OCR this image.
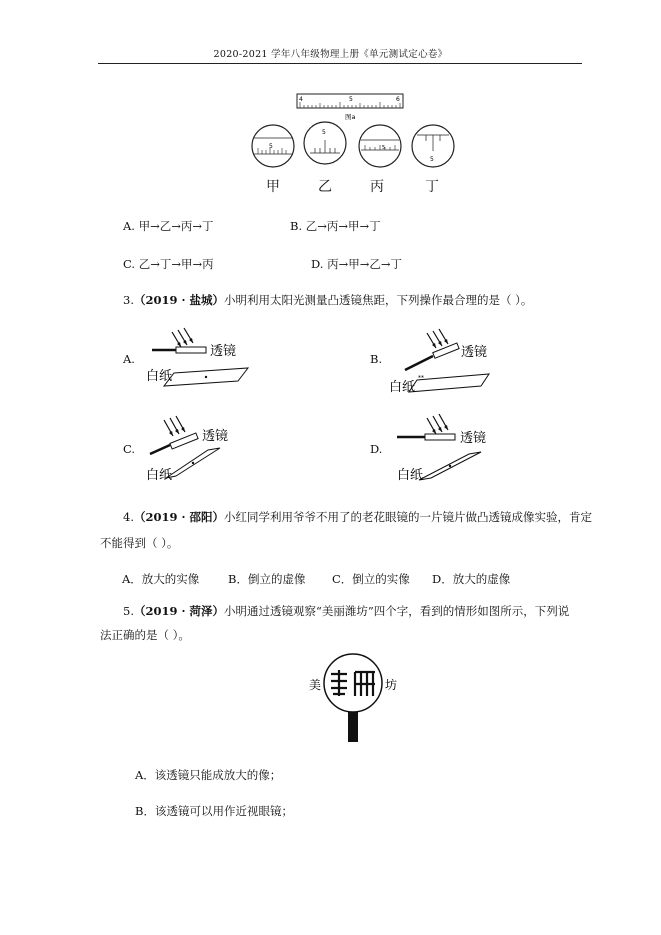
2020-2021 学年八年级物理上册《单元测试定心卷》
4	5	6
图a
5
5
5
5
甲	乙	丙	丁
A. 甲→乙→丙→丁	B. 乙→丙→甲→丁
C. 乙→丁→甲→丙	D. 丙→甲→乙→丁
3.（2019 · 盐城）小明利用太阳光测量凸透镜焦距，下列操作最合理的是（ ）。
A.	透镜
白纸
B.
⁎⁎
透镜
白纸
C.
透镜
白纸
D.
透镜
白纸
4.（2019 · 邵阳）小红同学利用爷爷不用了的老花眼镜的一片镜片做凸透镜成像实验，肯定
不能得到（ ）。
A．放大的实像 B．倒立的虚像 C．倒立的实像 D．放大的虚像
5.（2019 · 菏泽）小明通过透镜观察“美丽潍坊”四个字，看到的情形如图所示，下列说
法正确的是（ ）。
美	坊
A．该透镜只能成放大的像；
B．该透镜可以用作近视眼镜；
